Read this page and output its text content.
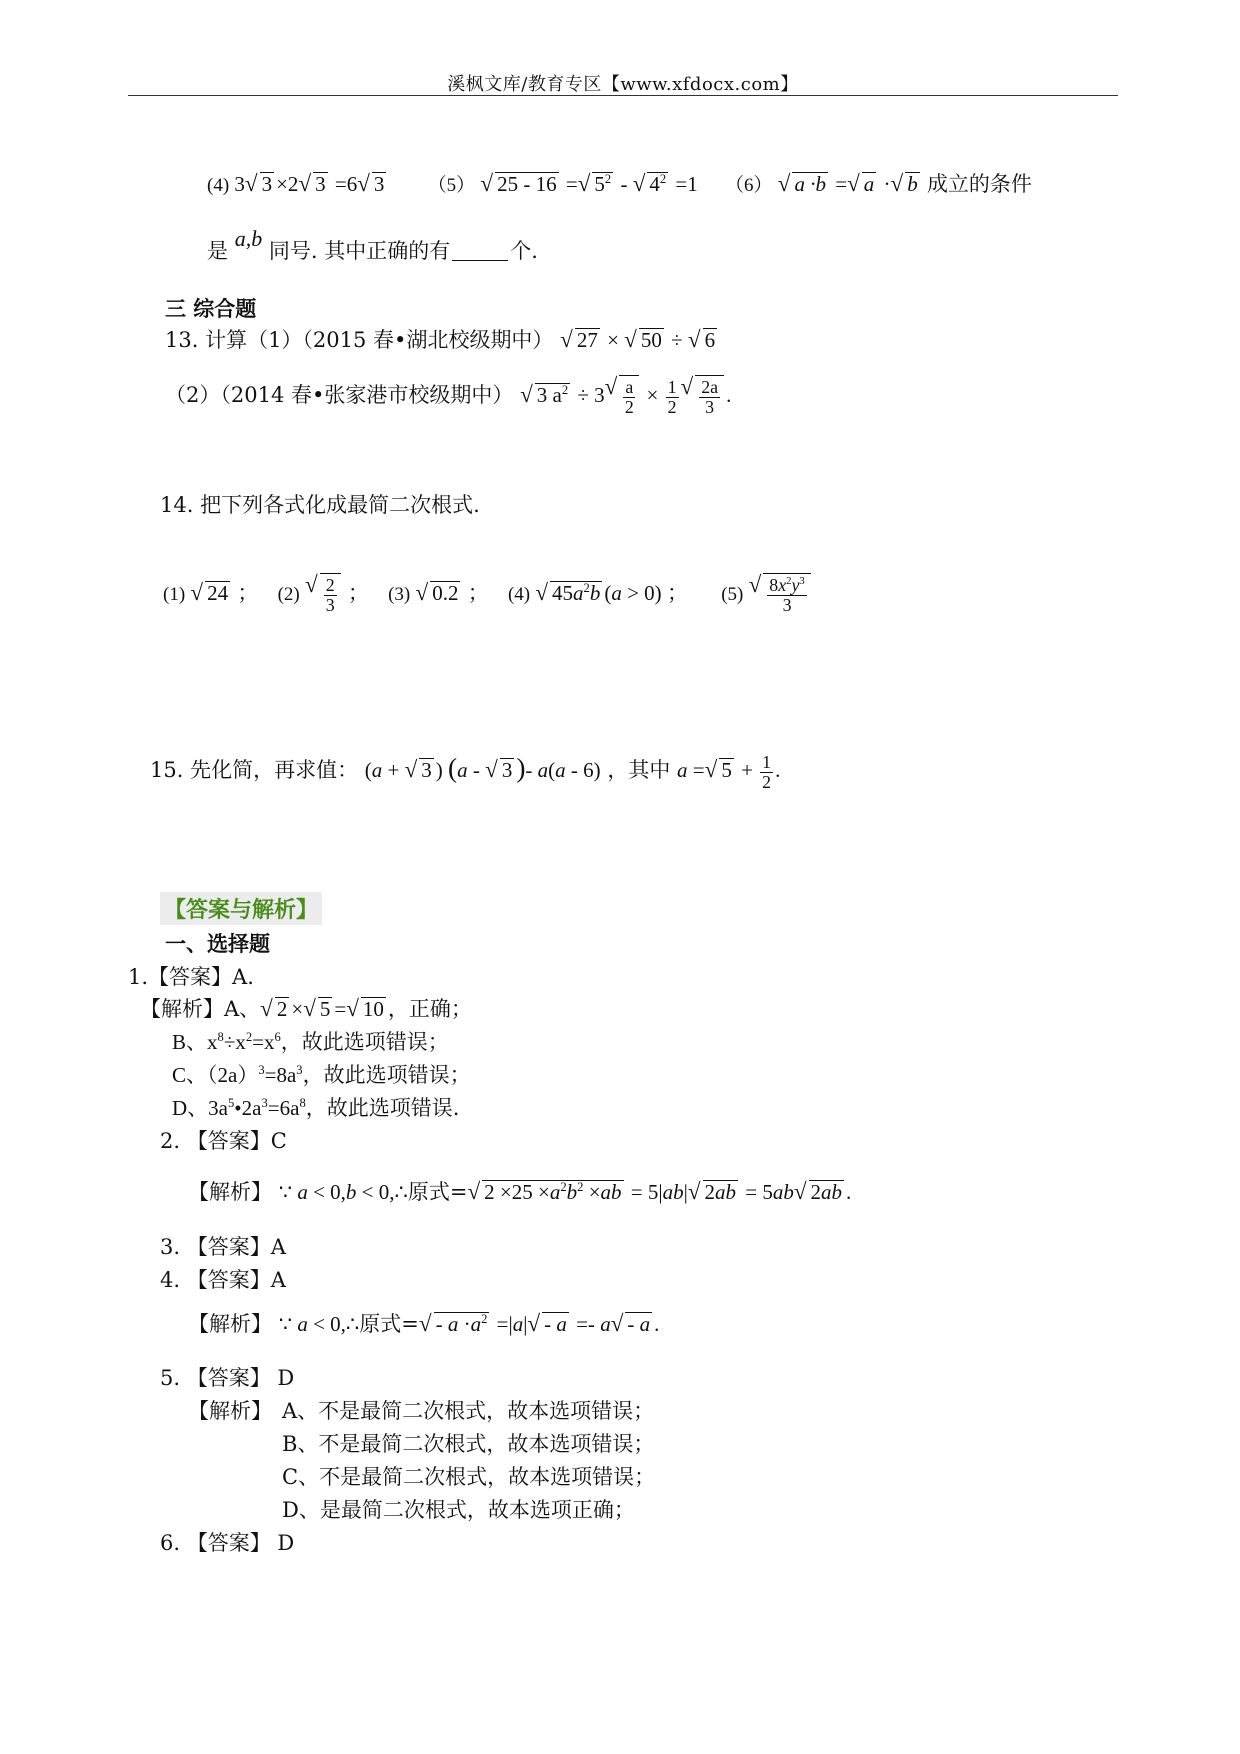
溪枫文库/教育专区【www.xfdocx.com】
(4) 3√ 3 ×2√ 3 =6√ 3 （5） √ 25 - 16 =√ $5^2$ - √ $4^2 =1$ （6） √ a ·b =√ a ·√ b 成立的条件
是 a,b 同号. 其中正确的有	个.
三 综合题
13. 计算（1）（2015 春•湖北校级期中） √ 27 × √ 50 ÷ √ 6
（2）（2014 春•张家港市校级期中） √ 3 $a^2 \div 3$
√ $\frac{a}{2} \times \frac{1}{2}$
√ $\frac{2a}{3}$ .
14. 把下列各式化成最简二次根式.
(1) √ 24 ； (2)
√ $\frac{2}{3}$ ； (3) √ 0.2 ； (4) √ $45a^2b$ (a > 0) ； (5)
√ $\frac{8x^2y^3}{3}$
15. 先化简，再求值： (a + √ 3 ) (a - √ 3 )- a(a - 6) ，其中 a =√ $5 + \frac{1}{2}$ .
【答案与解析】
一、选择题
1.【答案】A.
【解析】A、√ 2 ×√ 5 =√ 10 ，正确；
B、$x^8\div x^2=x^6$，故此选项错误；
C、$(2a)^3=8a^3$，故此选项错误；
D、$3a^5•2a^3=6a^8$，故此选项错误.
2. 【答案】C
【解析】 ∵ a < 0,b < 0,∴原式=√ $2 \times 25 \times a^2b^2 \times ab = 5|ab|√$ 2ab = 5ab√ 2ab .
3. 【答案】A
4. 【答案】A
【解析】 ∵ a < 0,∴原式=√ - $a \cdot a^2 =|a|√ - a =- a√ - a$ .
5. 【答案】 D
【解析】 A、不是最简二次根式，故本选项错误；
B、不是最简二次根式，故本选项错误；
C、不是最简二次根式，故本选项错误；
D、是最简二次根式，故本选项正确；
6. 【答案】 D
